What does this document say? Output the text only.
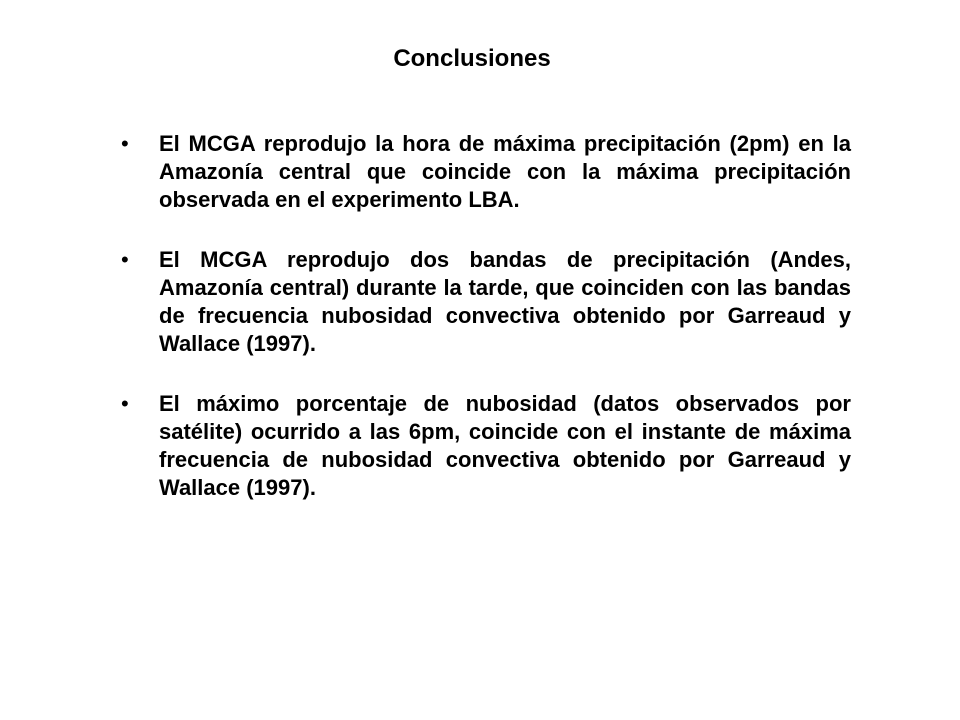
Conclusiones
• El MCGA reprodujo la hora de máxima precipitación (2pm) en la Amazonía central que coincide con la máxima precipitación observada en el experimento LBA.
• El MCGA reprodujo dos bandas de precipitación (Andes, Amazonía central) durante la tarde, que coinciden con las bandas de frecuencia nubosidad convectiva obtenido por Garreaud y Wallace (1997).
• El máximo porcentaje de nubosidad (datos observados por satélite) ocurrido a las 6pm, coincide con el instante de máxima frecuencia de nubosidad convectiva obtenido por Garreaud y Wallace (1997).
